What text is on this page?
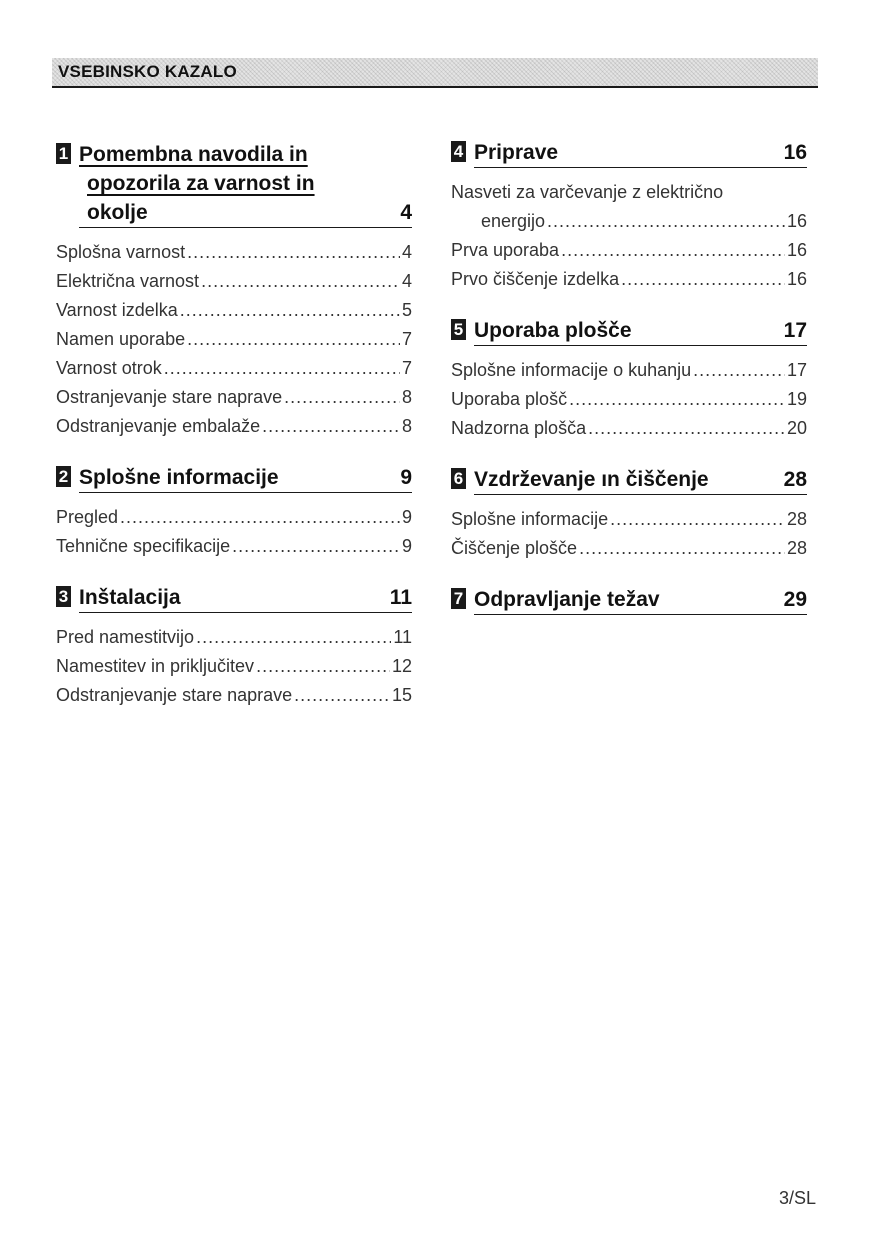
VSEBINSKO KAZALO
1 Pomembna navodila in
opozorila za varnost in
okolje	4
Splošna varnost .....	4
Električna varnost .....	4
Varnost izdelka .....	5
Namen uporabe .....	7
Varnost otrok .....	7
Ostranjevanje stare naprave .....	8
Odstranjevanje embalaže .....	8
2 Splošne informacije	9
Pregled .....	9
Tehnične specifikacije .....	9
3 Inštalacija	11
Pred namestitvijo .....	11
Namestitev in priključitev .....	12
Odstranjevanje stare naprave .....	15
4 Priprave	16
Nasveti za varčevanje z električno
energijo .....	16
Prva uporaba .....	16
Prvo čiščenje izdelka .....	16
5 Uporaba plošče	17
Splošne informacije o kuhanju .....	17
Uporaba plošč .....	19
Nadzorna plošča .....	20
6 Vzdrževanje ın čiščenje	28
Splošne informacije .....	28
Čiščenje plošče .....	28
7 Odpravljanje težav	29
3/SL
